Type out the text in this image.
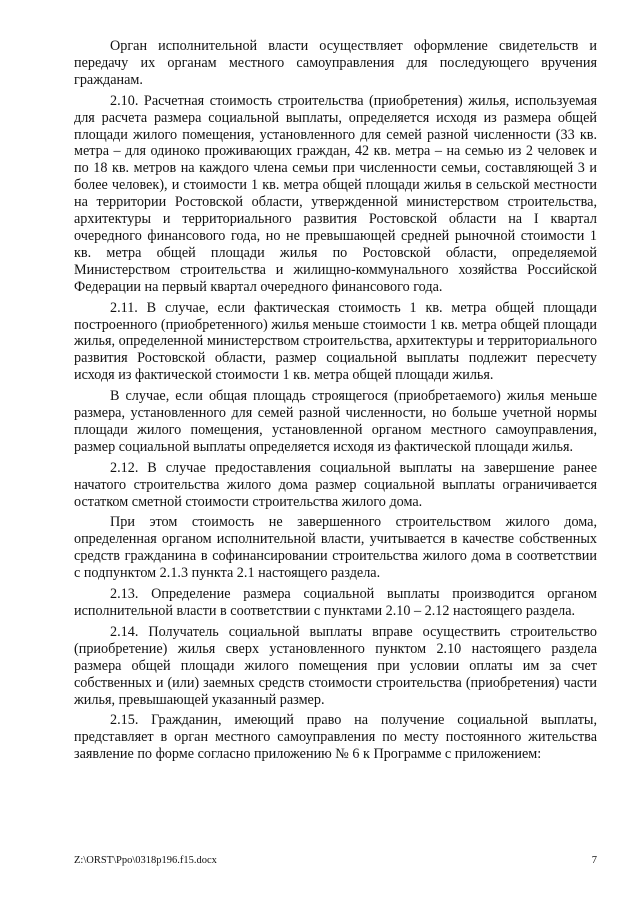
Орган исполнительной власти осуществляет оформление свидетельств и передачу их органам местного самоуправления для последующего вручения гражданам.

2.10. Расчетная стоимость строительства (приобретения) жилья, используемая для расчета размера социальной выплаты, определяется исходя из размера общей площади жилого помещения, установленного для семей разной численности (33 кв. метра – для одиноко проживающих граждан, 42 кв. метра – на семью из 2 человек и по 18 кв. метров на каждого члена семьи при численности семьи, составляющей 3 и более человек), и стоимости 1 кв. метра общей площади жилья в сельской местности на территории Ростовской области, утвержденной министерством строительства, архитектуры и территориального развития Ростовской области на I квартал очередного финансового года, но не превышающей средней рыночной стоимости 1 кв. метра общей площади жилья по Ростовской области, определяемой Министерством строительства и жилищно-коммунального хозяйства Российской Федерации на первый квартал очередного финансового года.

2.11. В случае, если фактическая стоимость 1 кв. метра общей площади построенного (приобретенного) жилья меньше стоимости 1 кв. метра общей площади жилья, определенной министерством строительства, архитектуры и территориального развития Ростовской области, размер социальной выплаты подлежит пересчету исходя из фактической стоимости 1 кв. метра общей площади жилья.

В случае, если общая площадь строящегося (приобретаемого) жилья меньше размера, установленного для семей разной численности, но больше учетной нормы площади жилого помещения, установленной органом местного самоуправления, размер социальной выплаты определяется исходя из фактической площади жилья.

2.12. В случае предоставления социальной выплаты на завершение ранее начатого строительства жилого дома размер социальной выплаты ограничивается остатком сметной стоимости строительства жилого дома.

При этом стоимость не завершенного строительством жилого дома, определенная органом исполнительной власти, учитывается в качестве собственных средств гражданина в софинансировании строительства жилого дома в соответствии с подпунктом 2.1.3 пункта 2.1 настоящего раздела.

2.13. Определение размера социальной выплаты производится органом исполнительной власти в соответствии с пунктами 2.10 – 2.12 настоящего раздела.

2.14. Получатель социальной выплаты вправе осуществить строительство (приобретение) жилья сверх установленного пунктом 2.10 настоящего раздела размера общей площади жилого помещения при условии оплаты им за счет собственных и (или) заемных средств стоимости строительства (приобретения) части жилья, превышающей указанный размер.

2.15. Гражданин, имеющий право на получение социальной выплаты, представляет в орган местного самоуправления по месту постоянного жительства заявление по форме согласно приложению № 6 к Программе с приложением:

Z:\ORST\Ppo\0318p196.f15.docx	7
